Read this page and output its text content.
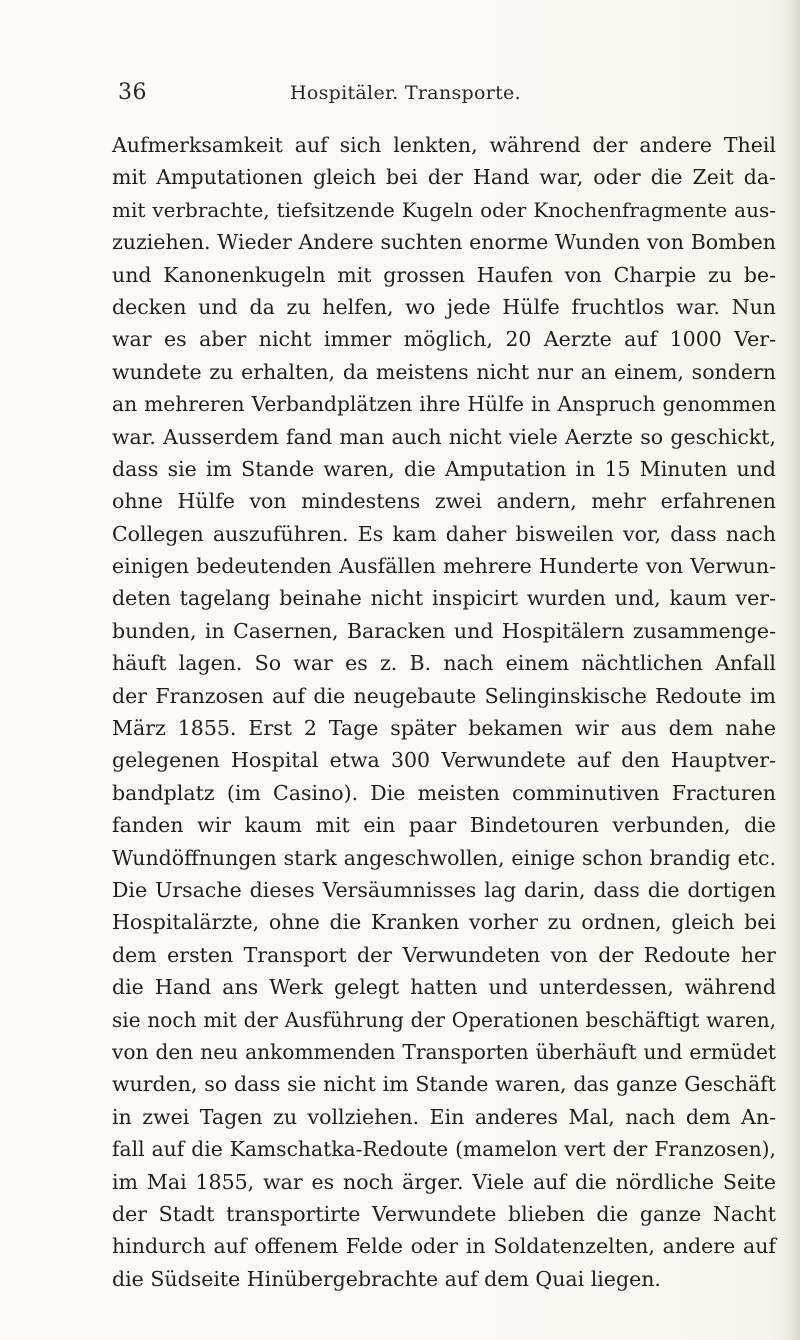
36	Hospitäler. Transporte.
Aufmerksamkeit auf sich lenkten, während der andere Theil
mit Amputationen gleich bei der Hand war, oder die Zeit da-
mit verbrachte, tiefsitzende Kugeln oder Knochenfragmente aus-
zuziehen. Wieder Andere suchten enorme Wunden von Bomben
und Kanonenkugeln mit grossen Haufen von Charpie zu be-
decken und da zu helfen, wo jede Hülfe fruchtlos war. Nun
war es aber nicht immer möglich, 20 Aerzte auf 1000 Ver-
wundete zu erhalten, da meistens nicht nur an einem, sondern
an mehreren Verbandplätzen ihre Hülfe in Anspruch genommen
war. Ausserdem fand man auch nicht viele Aerzte so geschickt,
dass sie im Stande waren, die Amputation in 15 Minuten und
ohne Hülfe von mindestens zwei andern, mehr erfahrenen
Collegen auszuführen. Es kam daher bisweilen vor, dass nach
einigen bedeutenden Ausfällen mehrere Hunderte von Verwun-
deten tagelang beinahe nicht inspicirt wurden und, kaum ver-
bunden, in Casernen, Baracken und Hospitälern zusammenge-
häuft lagen. So war es z. B. nach einem nächtlichen Anfall
der Franzosen auf die neugebaute Selinginskische Redoute im
März 1855. Erst 2 Tage später bekamen wir aus dem nahe
gelegenen Hospital etwa 300 Verwundete auf den Hauptver-
bandplatz (im Casino). Die meisten comminutiven Fracturen
fanden wir kaum mit ein paar Bindetouren verbunden, die
Wundöffnungen stark angeschwollen, einige schon brandig etc.
Die Ursache dieses Versäumnisses lag darin, dass die dortigen
Hospitalärzte, ohne die Kranken vorher zu ordnen, gleich bei
dem ersten Transport der Verwundeten von der Redoute her
die Hand ans Werk gelegt hatten und unterdessen, während
sie noch mit der Ausführung der Operationen beschäftigt waren,
von den neu ankommenden Transporten überhäuft und ermüdet
wurden, so dass sie nicht im Stande waren, das ganze Geschäft
in zwei Tagen zu vollziehen. Ein anderes Mal, nach dem An-
fall auf die Kamschatka-Redoute (mamelon vert der Franzosen),
im Mai 1855, war es noch ärger. Viele auf die nördliche Seite
der Stadt transportirte Verwundete blieben die ganze Nacht
hindurch auf offenem Felde oder in Soldatenzelten, andere auf
die Südseite Hinübergebrachte auf dem Quai liegen.
